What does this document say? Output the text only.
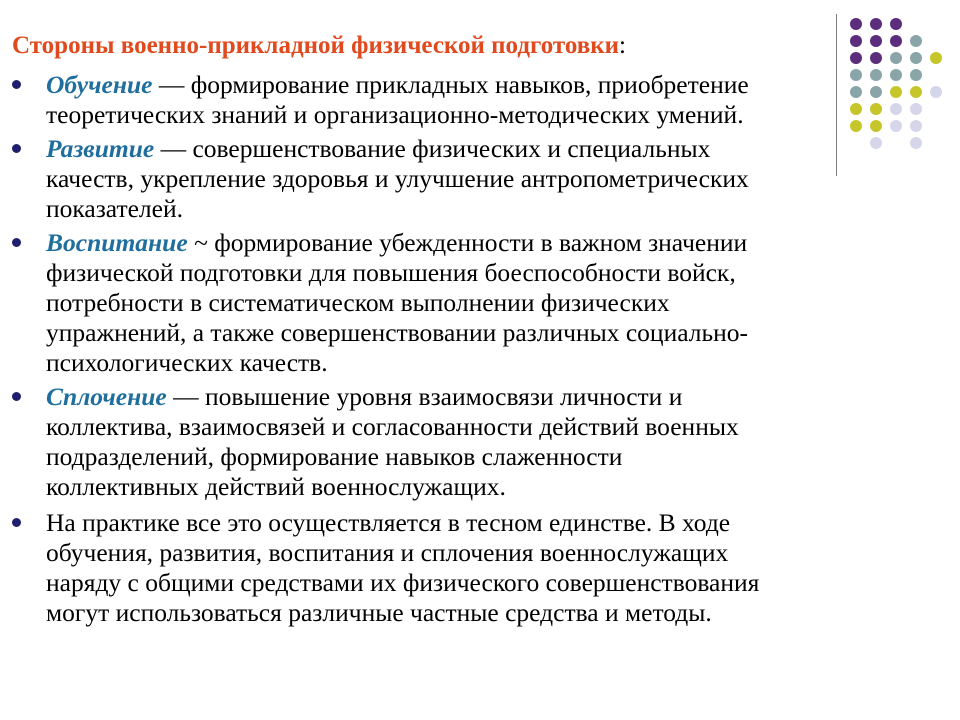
Стороны военно-прикладной физической подготовки:
Обучение — формирование прикладных навыков, приобретение
теоретических знаний и организационно-методических умений.
Развитие — совершенствование физических и специальных
качеств, укрепление здоровья и улучшение антропометрических
показателей.
Воспитание ~ формирование убежденности в важном значении
физической подготовки для повышения боеспособности войск,
потребности в систематическом выполнении физических
упражнений, а также совершенствовании различных социально-
психологических качеств.
Сплочение — повышение уровня взаимосвязи личности и
коллектива, взаимосвязей и согласованности действий военных
подразделений, формирование навыков слаженности
коллективных действий военнослужащих.
На практике все это осуществляется в тесном единстве. В ходе
обучения, развития, воспитания и сплочения военнослужащих
наряду с общими средствами их физического совершенствования
могут использоваться различные частные средства и методы.
